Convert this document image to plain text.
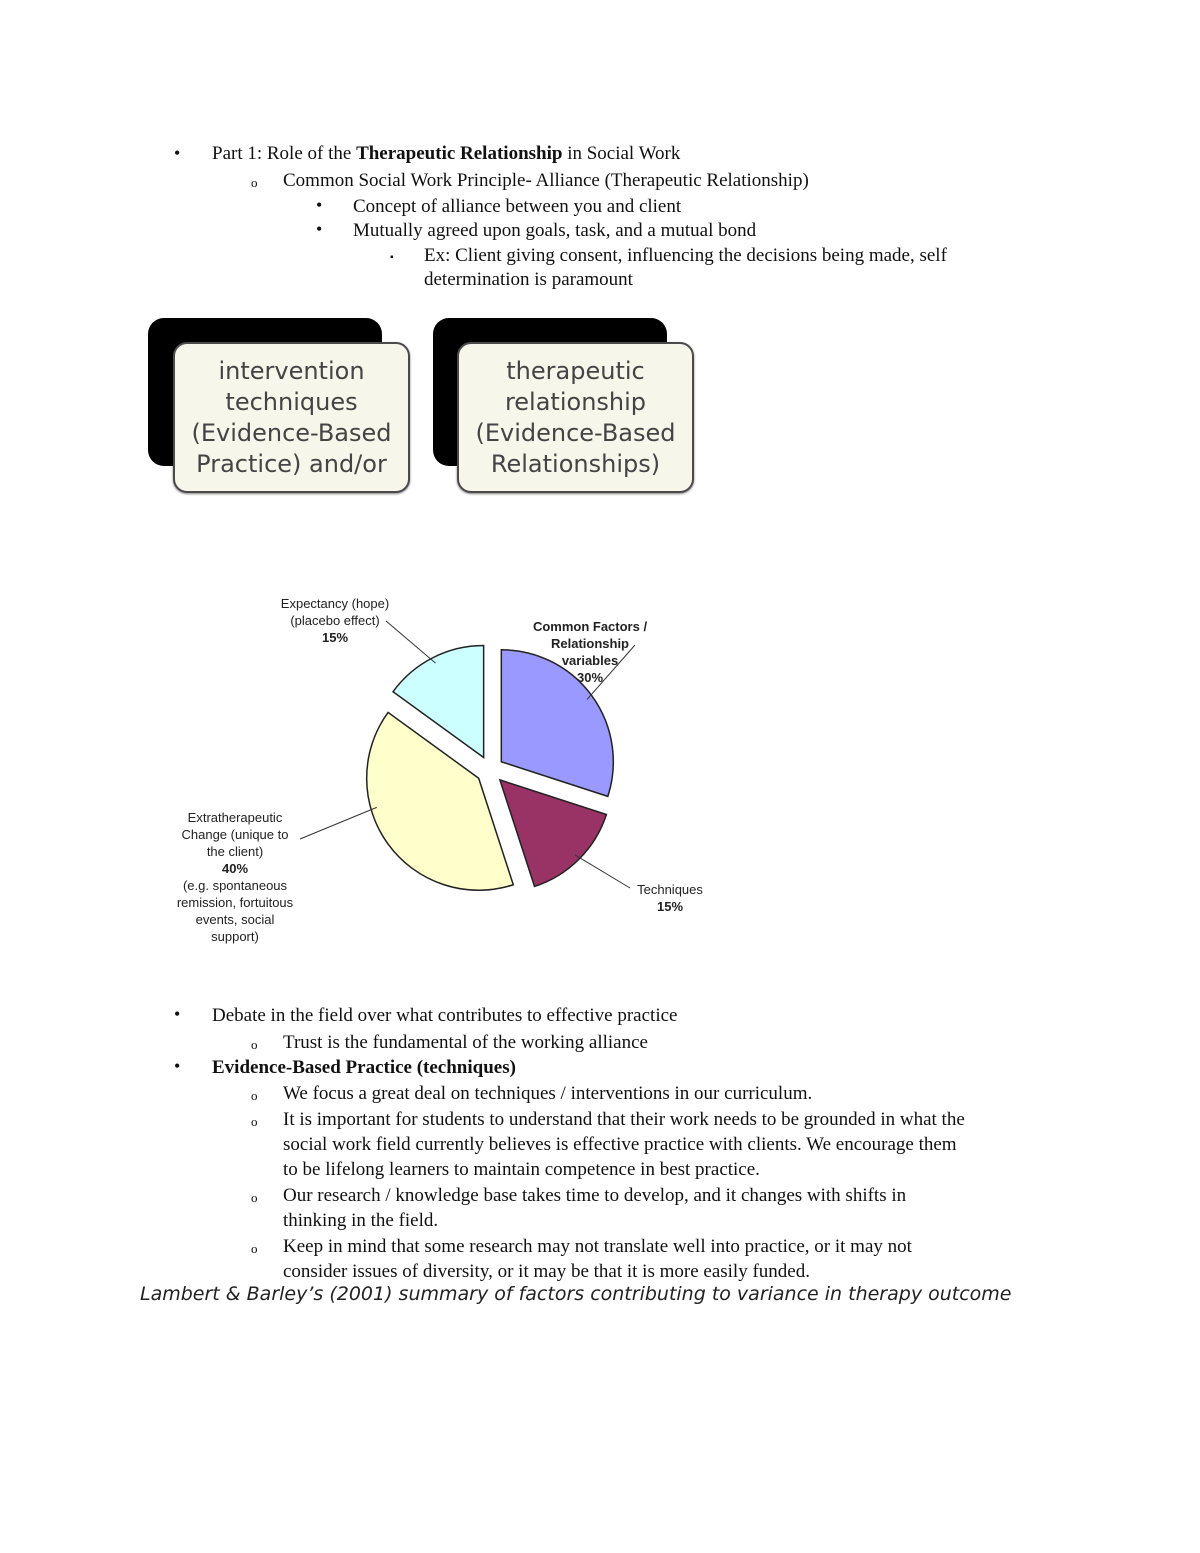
• Part 1: Role of the Therapeutic Relationship in Social Work
o Common Social Work Principle- Alliance (Therapeutic Relationship)
• Concept of alliance between you and client
• Mutually agreed upon goals, task, and a mutual bond
▪ Ex: Client giving consent, influencing the decisions being made, self
determination is paramount
intervention
techniques
(Evidence-Based
Practice) and/or
therapeutic
relationship
(Evidence-Based
Relationships)
Common Factors / Relationship variables 30%
Techniques 15%
Extratherapeutic Change (unique to the client) 40% (e.g. spontaneous remission, fortuitous events, social support)
Expectancy (hope) (placebo effect) 15%
• Debate in the field over what contributes to effective practice
o Trust is the fundamental of the working alliance
• Evidence-Based Practice (techniques)
o We focus a great deal on techniques / interventions in our curriculum.
o It is important for students to understand that their work needs to be grounded in what the
social work field currently believes is effective practice with clients. We encourage them
to be lifelong learners to maintain competence in best practice.
o Our research / knowledge base takes time to develop, and it changes with shifts in
thinking in the field.
o Keep in mind that some research may not translate well into practice, or it may not
consider issues of diversity, or it may be that it is more easily funded.
Lambert & Barley’s (2001) summary of factors contributing to variance in therapy outcome
